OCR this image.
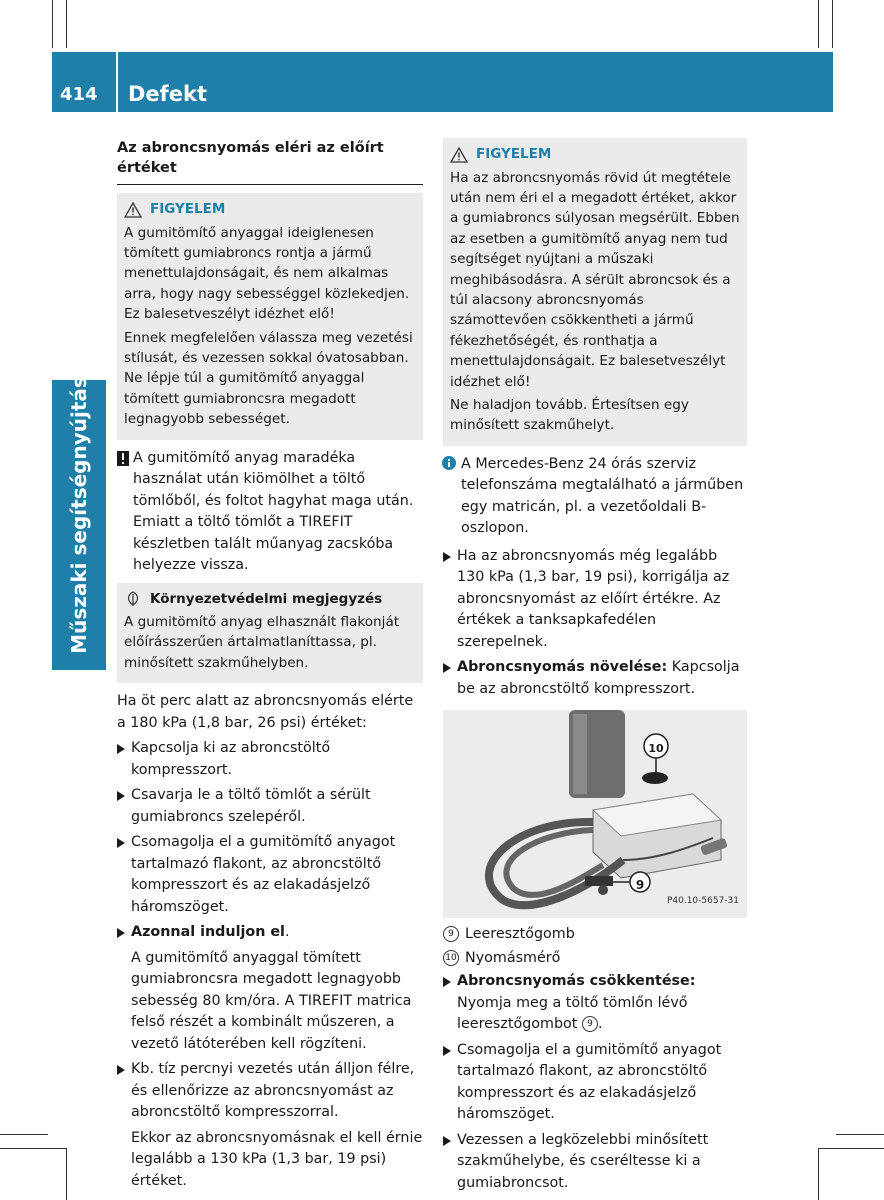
414 Defekt
Műszaki segítségnyújtás
Az abroncsnyomás eléri az előírt értéket
FIGYELEM

A gumitömítő anyaggal ideiglenesen tömített gumiabroncs rontja a jármű menettulajdonságait, és nem alkalmas arra, hogy nagy sebességgel közlekedjen. Ez balesetveszélyt idézhet elő!

Ennek megfelelően válassza meg vezetési stílusát, és vezessen sokkal óvatosabban. Ne lépje túl a gumitömítő anyaggal tömített gumiabroncsra megadott legnagyobb sebességet.

A gumitömítő anyag maradéka használat után kiömölhet a töltő tömlőből, és foltot hagyhat maga után.

Emiatt a töltő tömlőt a TIREFIT készletben talált műanyag zacskóba helyezze vissza.

Környezetvédelmi megjegyzés

A gumitömítő anyag elhasznált flakonját előírásszerűen ártalmatlaníttassa, pl. minősített szakműhelyben.

Ha öt perc alatt az abroncsnyomás elérte a 180 kPa (1,8 bar, 26 psi) értéket:

Kapcsolja ki az abroncstöltő kompresszort.

Csavarja le a töltő tömlőt a sérült gumiabroncs szelepéről.

Csomagolja el a gumitömítő anyagot tartalmazó flakont, az abroncstöltő kompresszort és az elakadásjelző háromszöget.

Azonnal induljon el.

A gumitömítő anyaggal tömített gumiabroncsra megadott legnagyobb sebesség 80 km/óra. A TIREFIT matrica felső részét a kombinált műszeren, a vezető látóterében kell rögzíteni.

Kb. tíz percnyi vezetés után álljon félre, és ellenőrizze az abroncsnyomást az abroncstöltő kompresszorral.

Ekkor az abroncsnyomásnak el kell érnie legalább a 130 kPa (1,3 bar, 19 psi) értéket.

FIGYELEM

Ha az abroncsnyomás rövid út megtétele után nem éri el a megadott értéket, akkor a gumiabroncs súlyosan megsérült. Ebben az esetben a gumitömítő anyag nem tud segítséget nyújtani a műszaki meghibásodásra. A sérült abroncsok és a túl alacsony abroncsnyomás számottevően csökkentheti a jármű fékezhetőségét, és ronthatja a menettulajdonságait. Ez balesetveszélyt idézhet elő!

Ne haladjon tovább. Értesítsen egy minősített szakműhelyt.

A Mercedes-Benz 24 órás szerviz telefonszáma megtalálható a járműben egy matricán, pl. a vezetőoldali B-oszlopon.

Ha az abroncsnyomás még legalább 130 kPa (1,3 bar, 19 psi), korrigálja az abroncsnyomást az előírt értékre. Az értékek a tanksapkafedélen szerepelnek.

Abroncsnyomás növelése: Kapcsolja be az abroncstöltő kompresszort.

10
9
P40.10-5657-31
9 Leeresztőgomb
10 Nyomásmérő

Abroncsnyomás csökkentése: Nyomja meg a töltő tömlőn lévő leeresztőgombot 9 .

Csomagolja el a gumitömítő anyagot tartalmazó flakont, az abroncstöltő kompresszort és az elakadásjelző háromszöget.

Vezessen a legközelebbi minősített szakműhelybe, és cseréltesse ki a gumiabroncsot.
